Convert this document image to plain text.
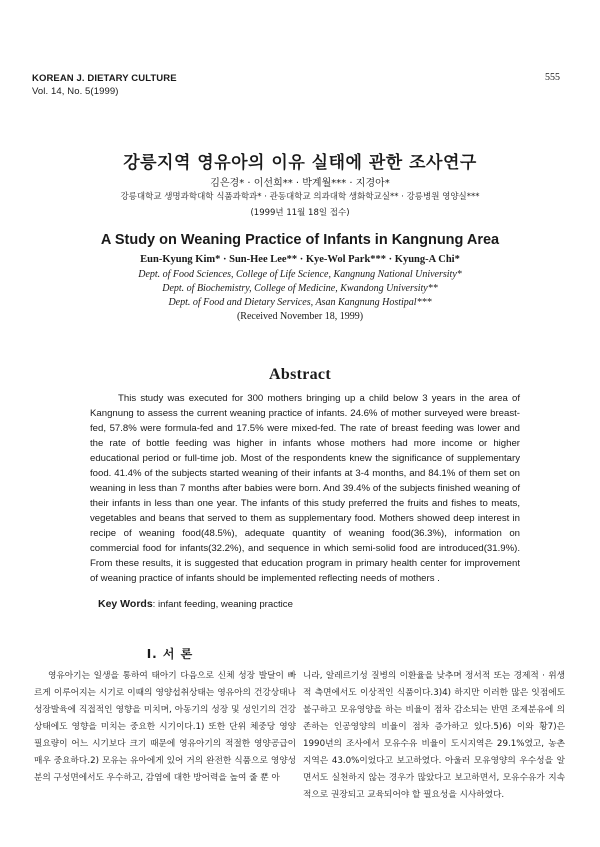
KOREAN J. DIETARY CULTURE
Vol. 14, No. 5(1999)
555
강릉지역 영유아의 이유 실태에 관한 조사연구
김은경* · 이선희** · 박계월*** · 지경아*
강릉대학교 생명과학대학 식품과학과* · 관동대학교 의과대학 생화학교실** · 강릉병원 영양실***
(1999년 11월 18일 접수)
A Study on Weaning Practice of Infants in Kangnung Area
Eun-Kyung Kim* · Sun-Hee Lee** · Kye-Wol Park*** · Kyung-A Chi*
Dept. of Food Sciences, College of Life Science, Kangnung National University*
Dept. of Biochemistry, College of Medicine, Kwandong University**
Dept. of Food and Dietary Services, Asan Kangnung Hostipal***
(Received November 18, 1999)
Abstract

This study was executed for 300 mothers bringing up a child below 3 years in the area of Kangnung to assess the current weaning practice of infants. 24.6% of mother surveyed were breast-fed, 57.8% were formula-fed and 17.5% were mixed-fed. The rate of breast feeding was lower and the rate of bottle feeding was higher in infants whose mothers had more income or higher educational period or full-time job. Most of the respondents knew the significance of supplementary food. 41.4% of the subjects started weaning of their infants at 3-4 months, and 84.1% of them set on weaning in less than 7 months after babies were born. And 39.4% of the subjects finished weaning of their infants in less than one year. The infants of this study preferred the fruits and fishes to meats, vegetables and beans that served to them as supplementary food. Mothers showed deep interest in recipe of weaning food(48.5%), adequate quantity of weaning food(36.3%), information on commercial food for infants(32.2%), and sequence in which semi-solid food are introduced(31.9%). From these results, it is suggested that education program in primary health center for improvement of weaning practice of infants should be implemented reflecting needs of mothers .

Key Words: infant feeding, weaning practice
I. 서 론

영유아기는 일생을 통하여 태아기 다음으로 신체 성장 발달이 빠르게 이루어지는 시기로 이때의 영양섭취상태는 영유아의 건강상태나 성장발육에 직접적인 영향을 미치며, 아동기의 성장 및 성인기의 건강상태에도 영향을 미치는 중요한 시기이다.1) 또한 단위 체중당 영양 필요량이 어느 시기보다 크기 때문에 영유아기의 적절한 영양공급이 매우 중요하다.2) 모유는 유아에게 있어 거의 완전한 식품으로 영양성분의 구성면에서도 우수하고, 감염에 대한 방어력을 높여 줄 뿐 아

니라, 알레르기성 질병의 이환율을 낮추며 정서적 또는 경제적 · 위생적 측면에서도 이상적인 식품이다.3)4) 하지만 이러한 많은 잇점에도 불구하고 모유영양을 하는 비율이 점차 감소되는 반면 조제분유에 의존하는 인공영양의 비율이 점차 증가하고 있다.5)6) 이와 황7)은 1990년의 조사에서 모유수유 비율이 도시지역은 29.1%였고, 농촌지역은 43.0%이었다고 보고하였다. 아울러 모유영양의 우수성을 알면서도 실천하지 않는 경우가 많았다고 보고하면서, 모유수유가 지속적으로 권장되고 교육되어야 할 필요성을 시사하였다.
